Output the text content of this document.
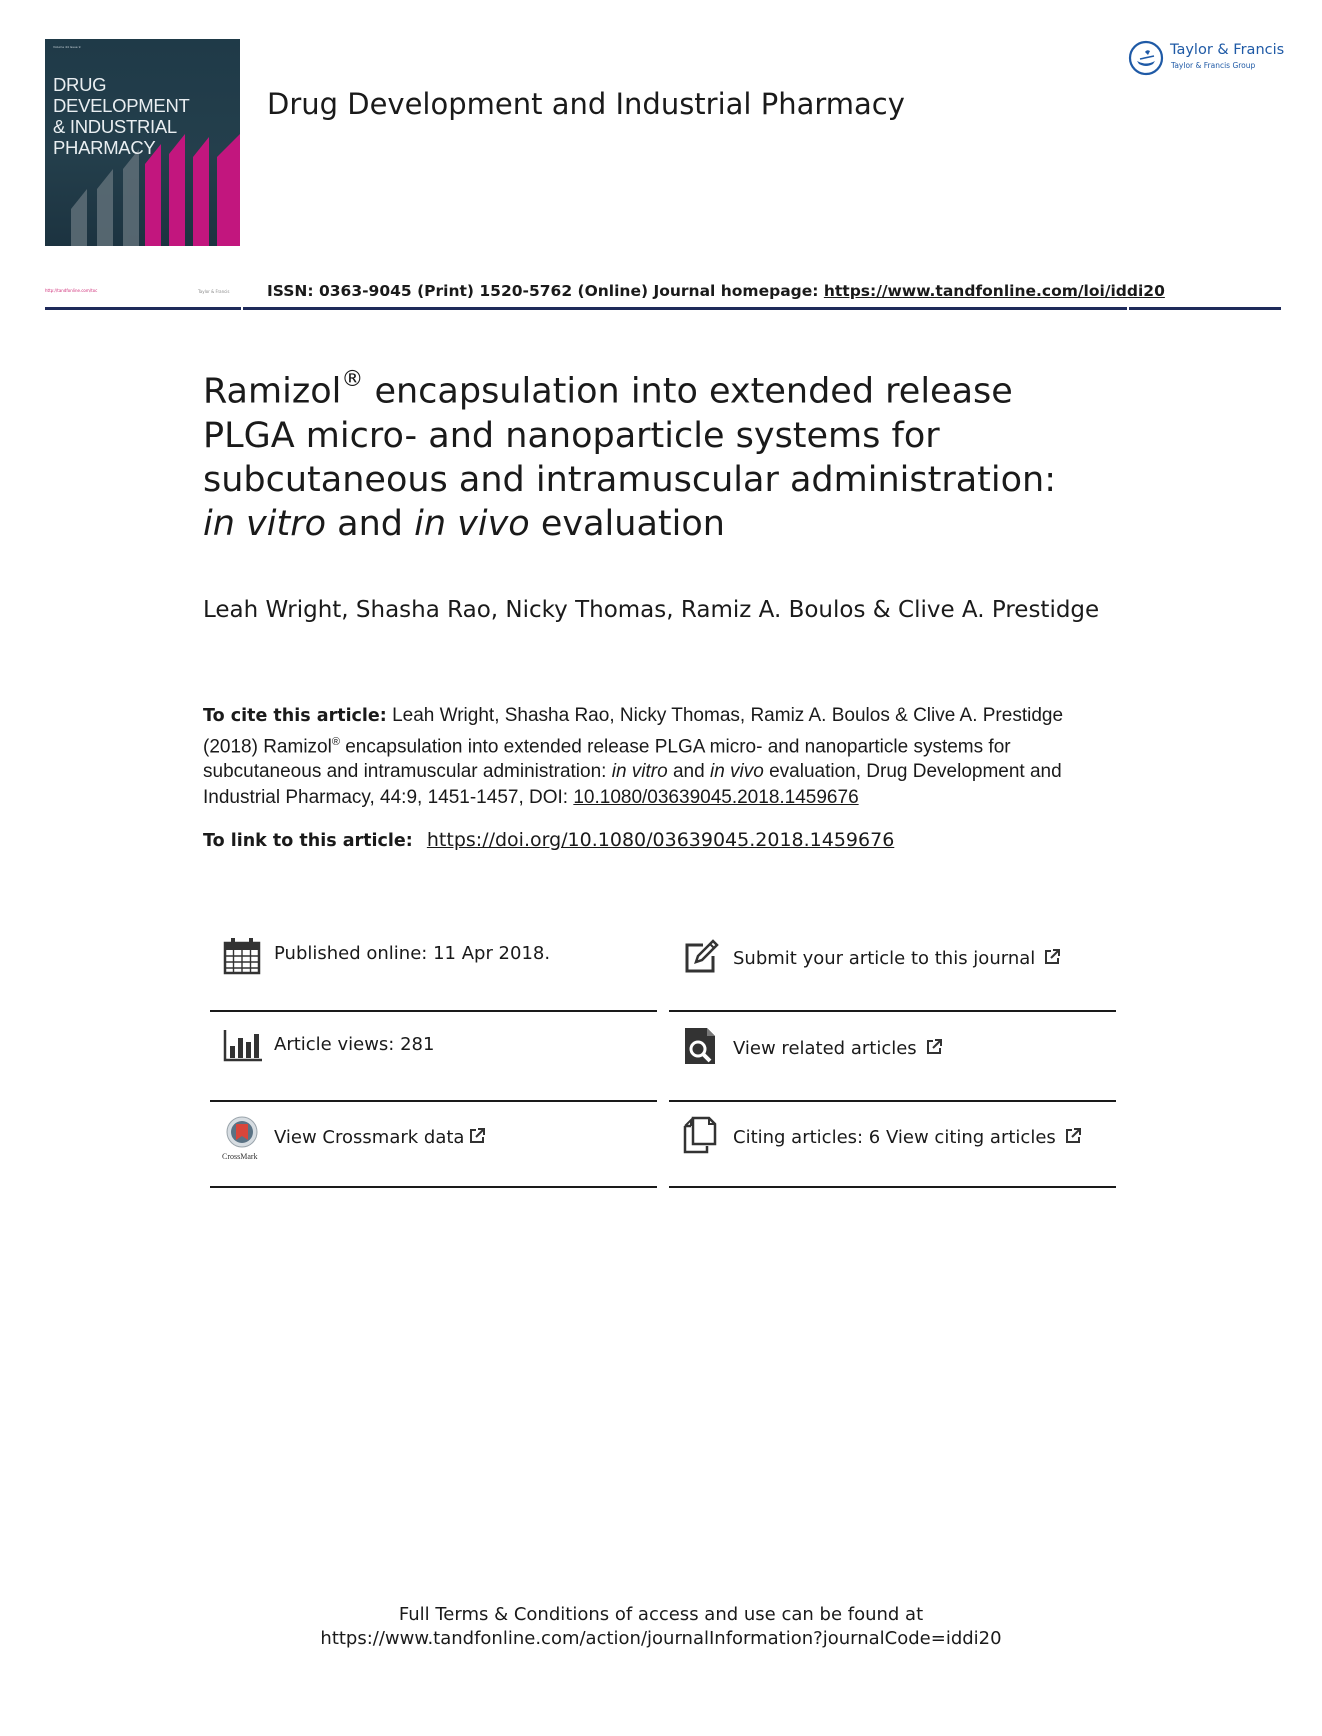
Volume 44 Issue 9
DRUG DEVELOPMENT
& INDUSTRIAL
PHARMACY
Drug Development and Industrial Pharmacy
Taylor & Francis
Taylor & Francis Group
http://tandfonline.com/toc	Taylor & Francis ISSN: 0363-9045 (Print) 1520-5762 (Online) Journal homepage: https://www.tandfonline.com/loi/iddi20
Ramizol® encapsulation into extended release
PLGA micro- and nanoparticle systems for
subcutaneous and intramuscular administration:
in vitro and in vivo evaluation
Leah Wright, Shasha Rao, Nicky Thomas, Ramiz A. Boulos & Clive A. Prestidge
To cite this article: Leah Wright, Shasha Rao, Nicky Thomas, Ramiz A. Boulos & Clive A. Prestidge (2018) Ramizol® encapsulation into extended release PLGA micro- and nanoparticle systems for subcutaneous and intramuscular administration: in vitro and in vivo evaluation, Drug Development and Industrial Pharmacy, 44:9, 1451-1457, DOI: 10.1080/03639045.2018.1459676
To link to this article: https://doi.org/10.1080/03639045.2018.1459676
Published online: 11 Apr 2018.	Submit your article to this journal
Article views: 281	View related articles
CrossMark
View Crossmark data	Citing articles: 6 View citing articles
Full Terms & Conditions of access and use can be found at
https://www.tandfonline.com/action/journalInformation?journalCode=iddi20
